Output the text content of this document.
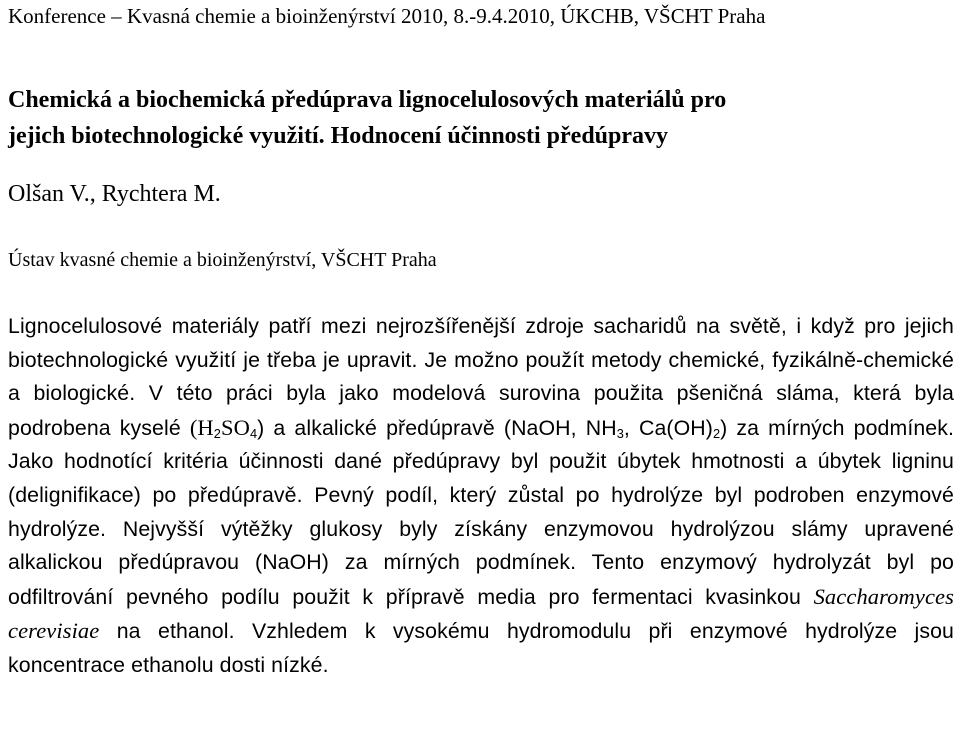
Konference – Kvasná chemie a bioinženýrství 2010, 8.-9.4.2010, ÚKCHB, VŠCHT Praha
Chemická a biochemická předúprava lignocelulosových materiálů pro
jejich biotechnologické využití. Hodnocení účinnosti předúpravy
Olšan V., Rychtera M.
Ústav kvasné chemie a bioinženýrství, VŠCHT Praha
Lignocelulosové materiály patří mezi nejrozšířenější zdroje sacharidů na světě, i když pro jejich biotechnologické využití je třeba je upravit. Je možno použít metody chemické, fyzikálně-chemické a biologické. V této práci byla jako modelová surovina použita pšeničná sláma, která byla podrobena kyselé $(H_2SO_4)$ a alkalické předúpravě (NaOH, $NH_3$, $Ca(OH)_2$) za mírných podmínek. Jako hodnotící kritéria účinnosti dané předúpravy byl použit úbytek hmotnosti a úbytek ligninu (delignifikace) po předúpravě. Pevný podíl, který zůstal po hydrolýze byl podroben enzymové hydrolýze. Nejvyšší výtěžky glukosy byly získány enzymovou hydrolýzou slámy upravené alkalickou předúpravou (NaOH) za mírných podmínek. Tento enzymový hydrolyzát byl po odfiltrování pevného podílu použit k přípravě media pro fermentaci kvasinkou Saccharomyces cerevisiae na ethanol. Vzhledem k vysokému hydromodulu při enzymové hydrolýze jsou koncentrace ethanolu dosti nízké.
